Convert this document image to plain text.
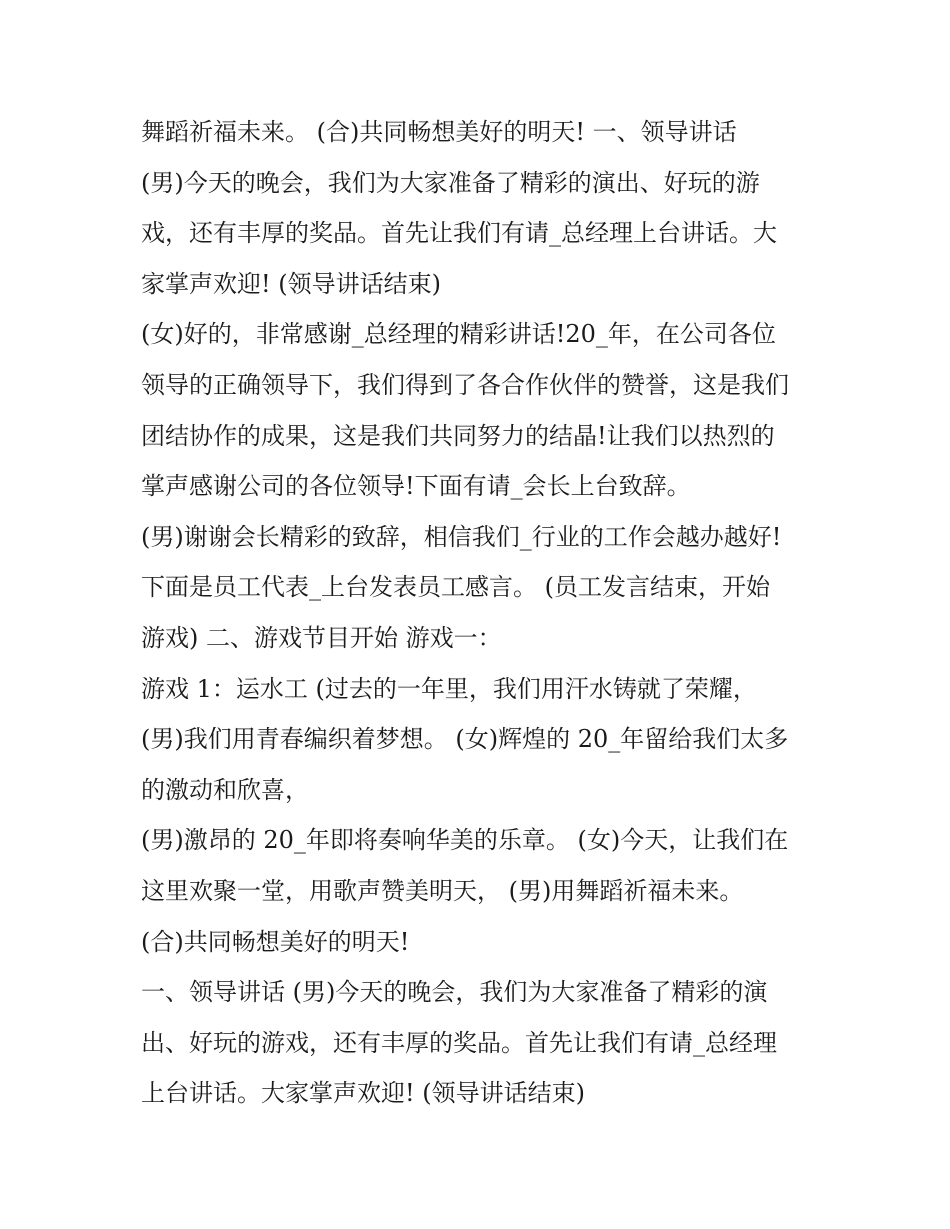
舞蹈祈福未来。 (合)共同畅想美好的明天! 一、领导讲话
(男)今天的晚会，我们为大家准备了精彩的演出、好玩的游
戏，还有丰厚的奖品。首先让我们有请_总经理上台讲话。大
家掌声欢迎! (领导讲话结束)
(女)好的，非常感谢_总经理的精彩讲话!20_年，在公司各位
领导的正确领导下，我们得到了各合作伙伴的赞誉，这是我们
团结协作的成果，这是我们共同努力的结晶!让我们以热烈的
掌声感谢公司的各位领导!下面有请_会长上台致辞。
(男)谢谢会长精彩的致辞，相信我们_行业的工作会越办越好!
下面是员工代表_上台发表员工感言。 (员工发言结束，开始
游戏) 二、游戏节目开始 游戏一：
游戏 1：运水工 (过去的一年里，我们用汗水铸就了荣耀，
(男)我们用青春编织着梦想。 (女)辉煌的 20_年留给我们太多
的激动和欣喜，
(男)激昂的 20_年即将奏响华美的乐章。 (女)今天，让我们在
这里欢聚一堂，用歌声赞美明天， (男)用舞蹈祈福未来。
(合)共同畅想美好的明天!
一、领导讲话 (男)今天的晚会，我们为大家准备了精彩的演
出、好玩的游戏，还有丰厚的奖品。首先让我们有请_总经理
上台讲话。大家掌声欢迎! (领导讲话结束)
